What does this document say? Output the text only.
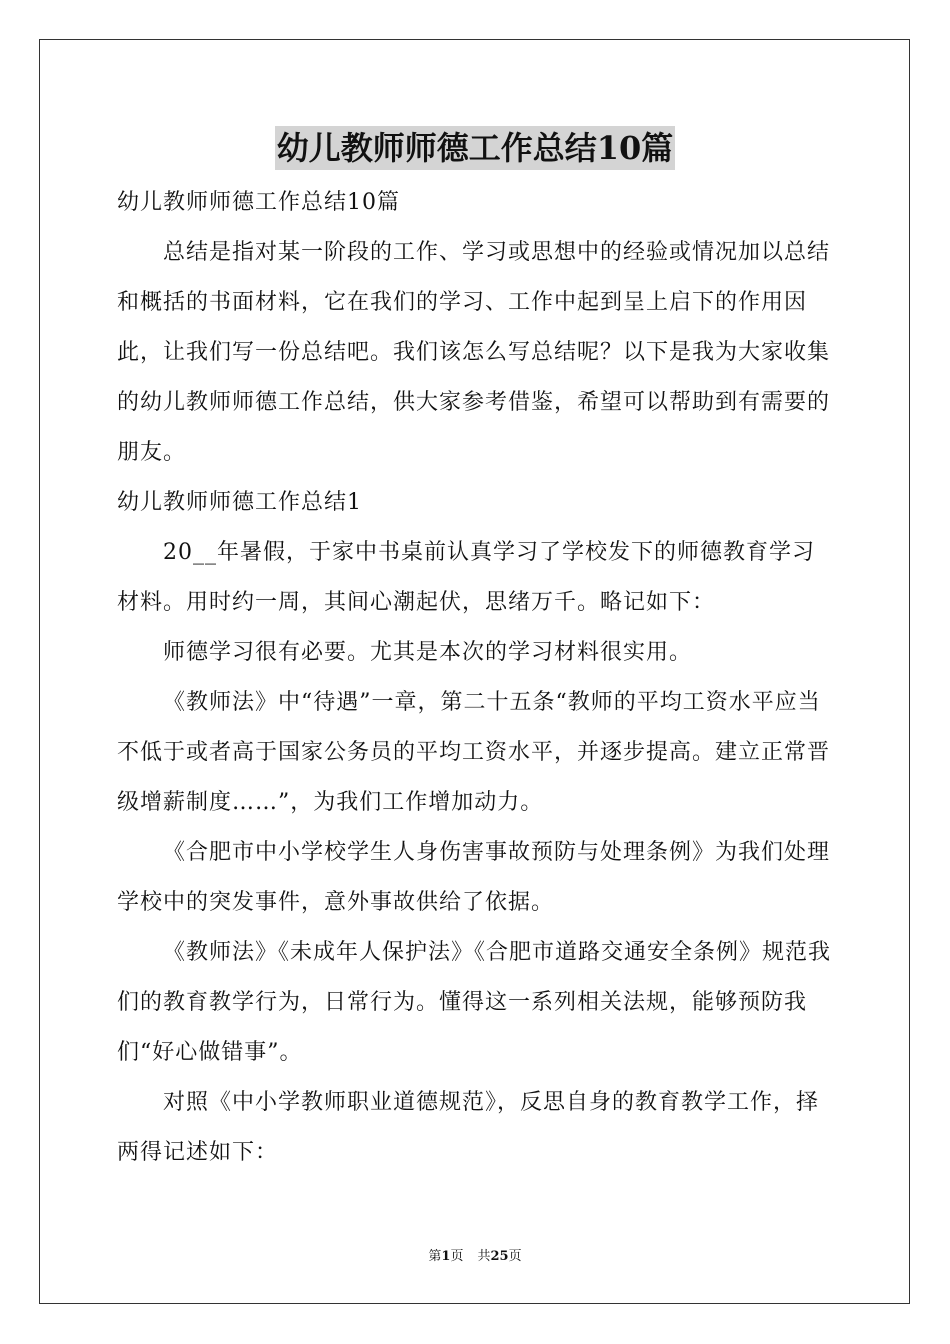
幼儿教师师德工作总结10篇

幼儿教师师德工作总结10篇

总结是指对某一阶段的工作、学习或思想中的经验或情况加以总结和概括的书面材料，它在我们的学习、工作中起到呈上启下的作用因此，让我们写一份总结吧。我们该怎么写总结呢？以下是我为大家收集的幼儿教师师德工作总结，供大家参考借鉴，希望可以帮助到有需要的朋友。

幼儿教师师德工作总结1

20__年暑假，于家中书桌前认真学习了学校发下的师德教育学习材料。用时约一周，其间心潮起伏，思绪万千。略记如下：

师德学习很有必要。尤其是本次的学习材料很实用。

《教师法》中“待遇”一章，第二十五条“教师的平均工资水平应当不低于或者高于国家公务员的平均工资水平，并逐步提高。建立正常晋级增薪制度……”，为我们工作增加动力。

《合肥市中小学校学生人身伤害事故预防与处理条例》为我们处理学校中的突发事件，意外事故供给了依据。

《教师法》《未成年人保护法》《合肥市道路交通安全条例》规范我们的教育教学行为，日常行为。懂得这一系列相关法规，能够预防我们“好心做错事”。

对照《中小学教师职业道德规范》，反思自身的教育教学工作，择两得记述如下：

第1页 共25页
